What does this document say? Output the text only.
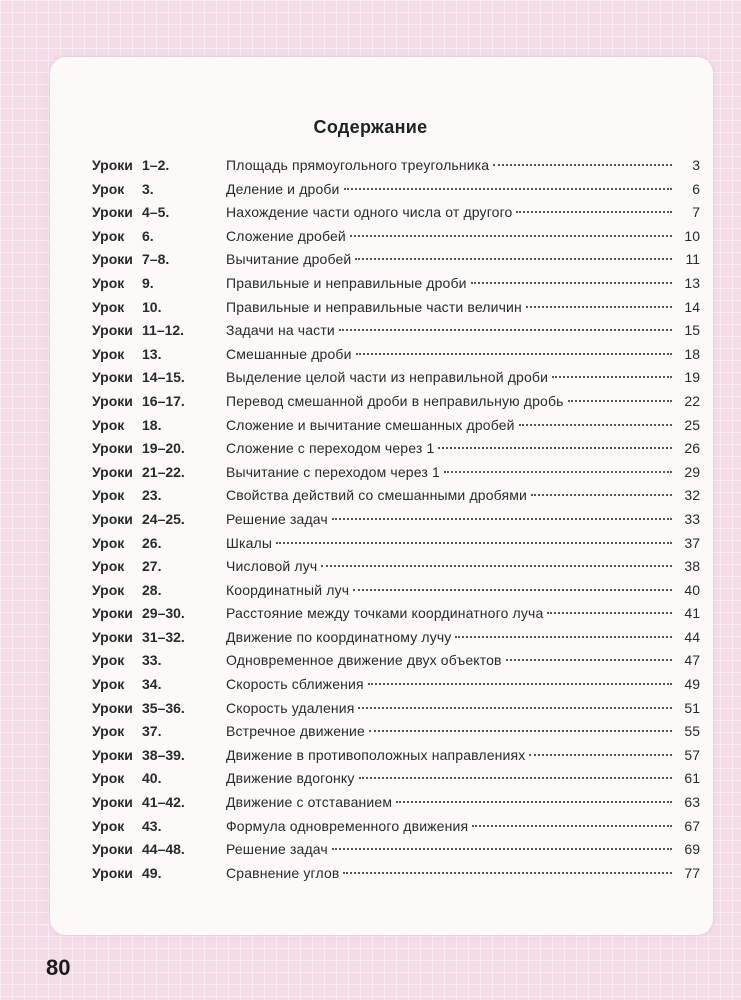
Содержание
Уроки 1–2.	Площадь прямоугольного треугольника	3
Урок	3.	Деление и дроби	6
Уроки 4–5.	Нахождение части одного числа от другого	7
Урок	6.	Сложение дробей	10
Уроки 7–8.	Вычитание дробей	11
Урок	9.	Правильные и неправильные дроби	13
Урок	10.	Правильные и неправильные части величин	14
Уроки 11–12.	Задачи на части	15
Урок	13.	Смешанные дроби	18
Уроки 14–15.	Выделение целой части из неправильной дроби	19
Уроки 16–17.	Перевод смешанной дроби в неправильную дробь	22
Урок	18.	Сложение и вычитание смешанных дробей	25
Уроки 19–20.	Сложение с переходом через 1	26
Уроки 21–22.	Вычитание с переходом через 1	29
Урок	23.	Свойства действий со смешанными дробями	32
Уроки 24–25.	Решение задач	33
Урок	26.	Шкалы	37
Урок	27.	Числовой луч	38
Урок	28.	Координатный луч	40
Уроки 29–30.	Расстояние между точками координатного луча	41
Уроки 31–32.	Движение по координатному лучу	44
Урок	33.	Одновременное движение двух объектов	47
Урок	34.	Скорость сближения	49
Уроки 35–36.	Скорость удаления	51
Урок	37.	Встречное движение	55
Уроки 38–39.	Движение в противоположных направлениях	57
Урок	40.	Движение вдогонку	61
Уроки 41–42.	Движение с отставанием	63
Урок	43.	Формула одновременного движения	67
Уроки 44–48.	Решение задач	69
Уроки 49.	Сравнение углов	77
80
